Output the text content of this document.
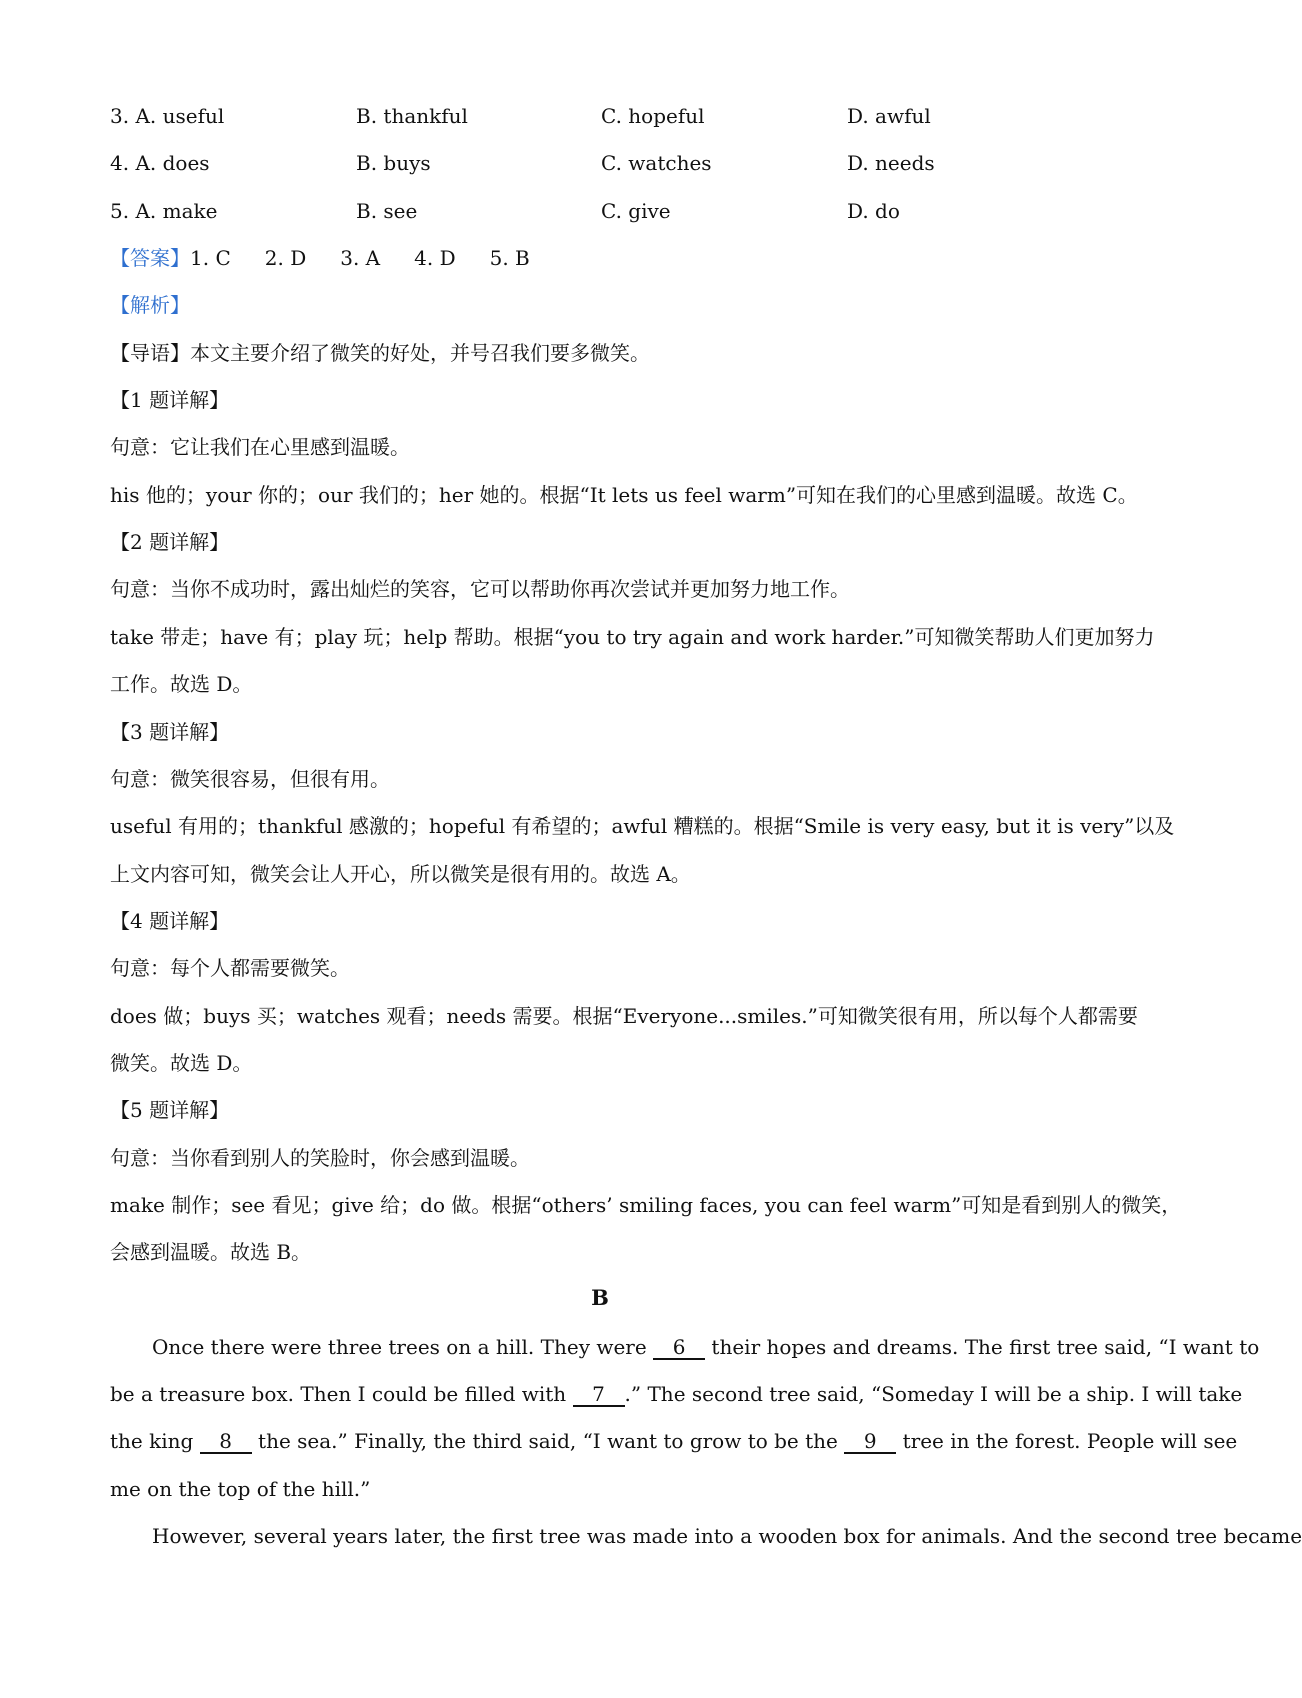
3. A. useful	B. thankful	C. hopeful	D. awful
4. A. does	B. buys	C. watches	D. needs
5. A. make	B. see	C. give	D. do
【答案】1. C 2. D 3. A 4. D 5. B
【解析】
【导语】本文主要介绍了微笑的好处，并号召我们要多微笑。
【1 题详解】
句意：它让我们在心里感到温暖。
his 他的；your 你的；our 我们的；her 她的。根据“It lets us feel warm”可知在我们的心里感到温暖。故选 C。
【2 题详解】
句意：当你不成功时，露出灿烂的笑容，它可以帮助你再次尝试并更加努力地工作。
take 带走；have 有；play 玩；help 帮助。根据“you to try again and work harder.”可知微笑帮助人们更加努力
工作。故选 D。
【3 题详解】
句意：微笑很容易，但很有用。
useful 有用的；thankful 感激的；hopeful 有希望的；awful 糟糕的。根据“Smile is very easy, but it is very”以及
上文内容可知，微笑会让人开心，所以微笑是很有用的。故选 A。
【4 题详解】
句意：每个人都需要微笑。
does 做；buys 买；watches 观看；needs 需要。根据“Everyone...smiles.”可知微笑很有用，所以每个人都需要
微笑。故选 D。
【5 题详解】
句意：当你看到别人的笑脸时，你会感到温暖。
make 制作；see 看见；give 给；do 做。根据“others’ smiling faces, you can feel warm”可知是看到别人的微笑，
会感到温暖。故选 B。
B
Once there were three trees on a hill. They were 6 their hopes and dreams. The first tree said, “I want to
be a treasure box. Then I could be filled with 7 .” The second tree said, “Someday I will be a ship. I will take
the king 8 the sea.” Finally, the third said, “I want to grow to be the 9 tree in the forest. People will see
me on the top of the hill.”
However, several years later, the first tree was made into a wooden box for animals. And the second tree became
